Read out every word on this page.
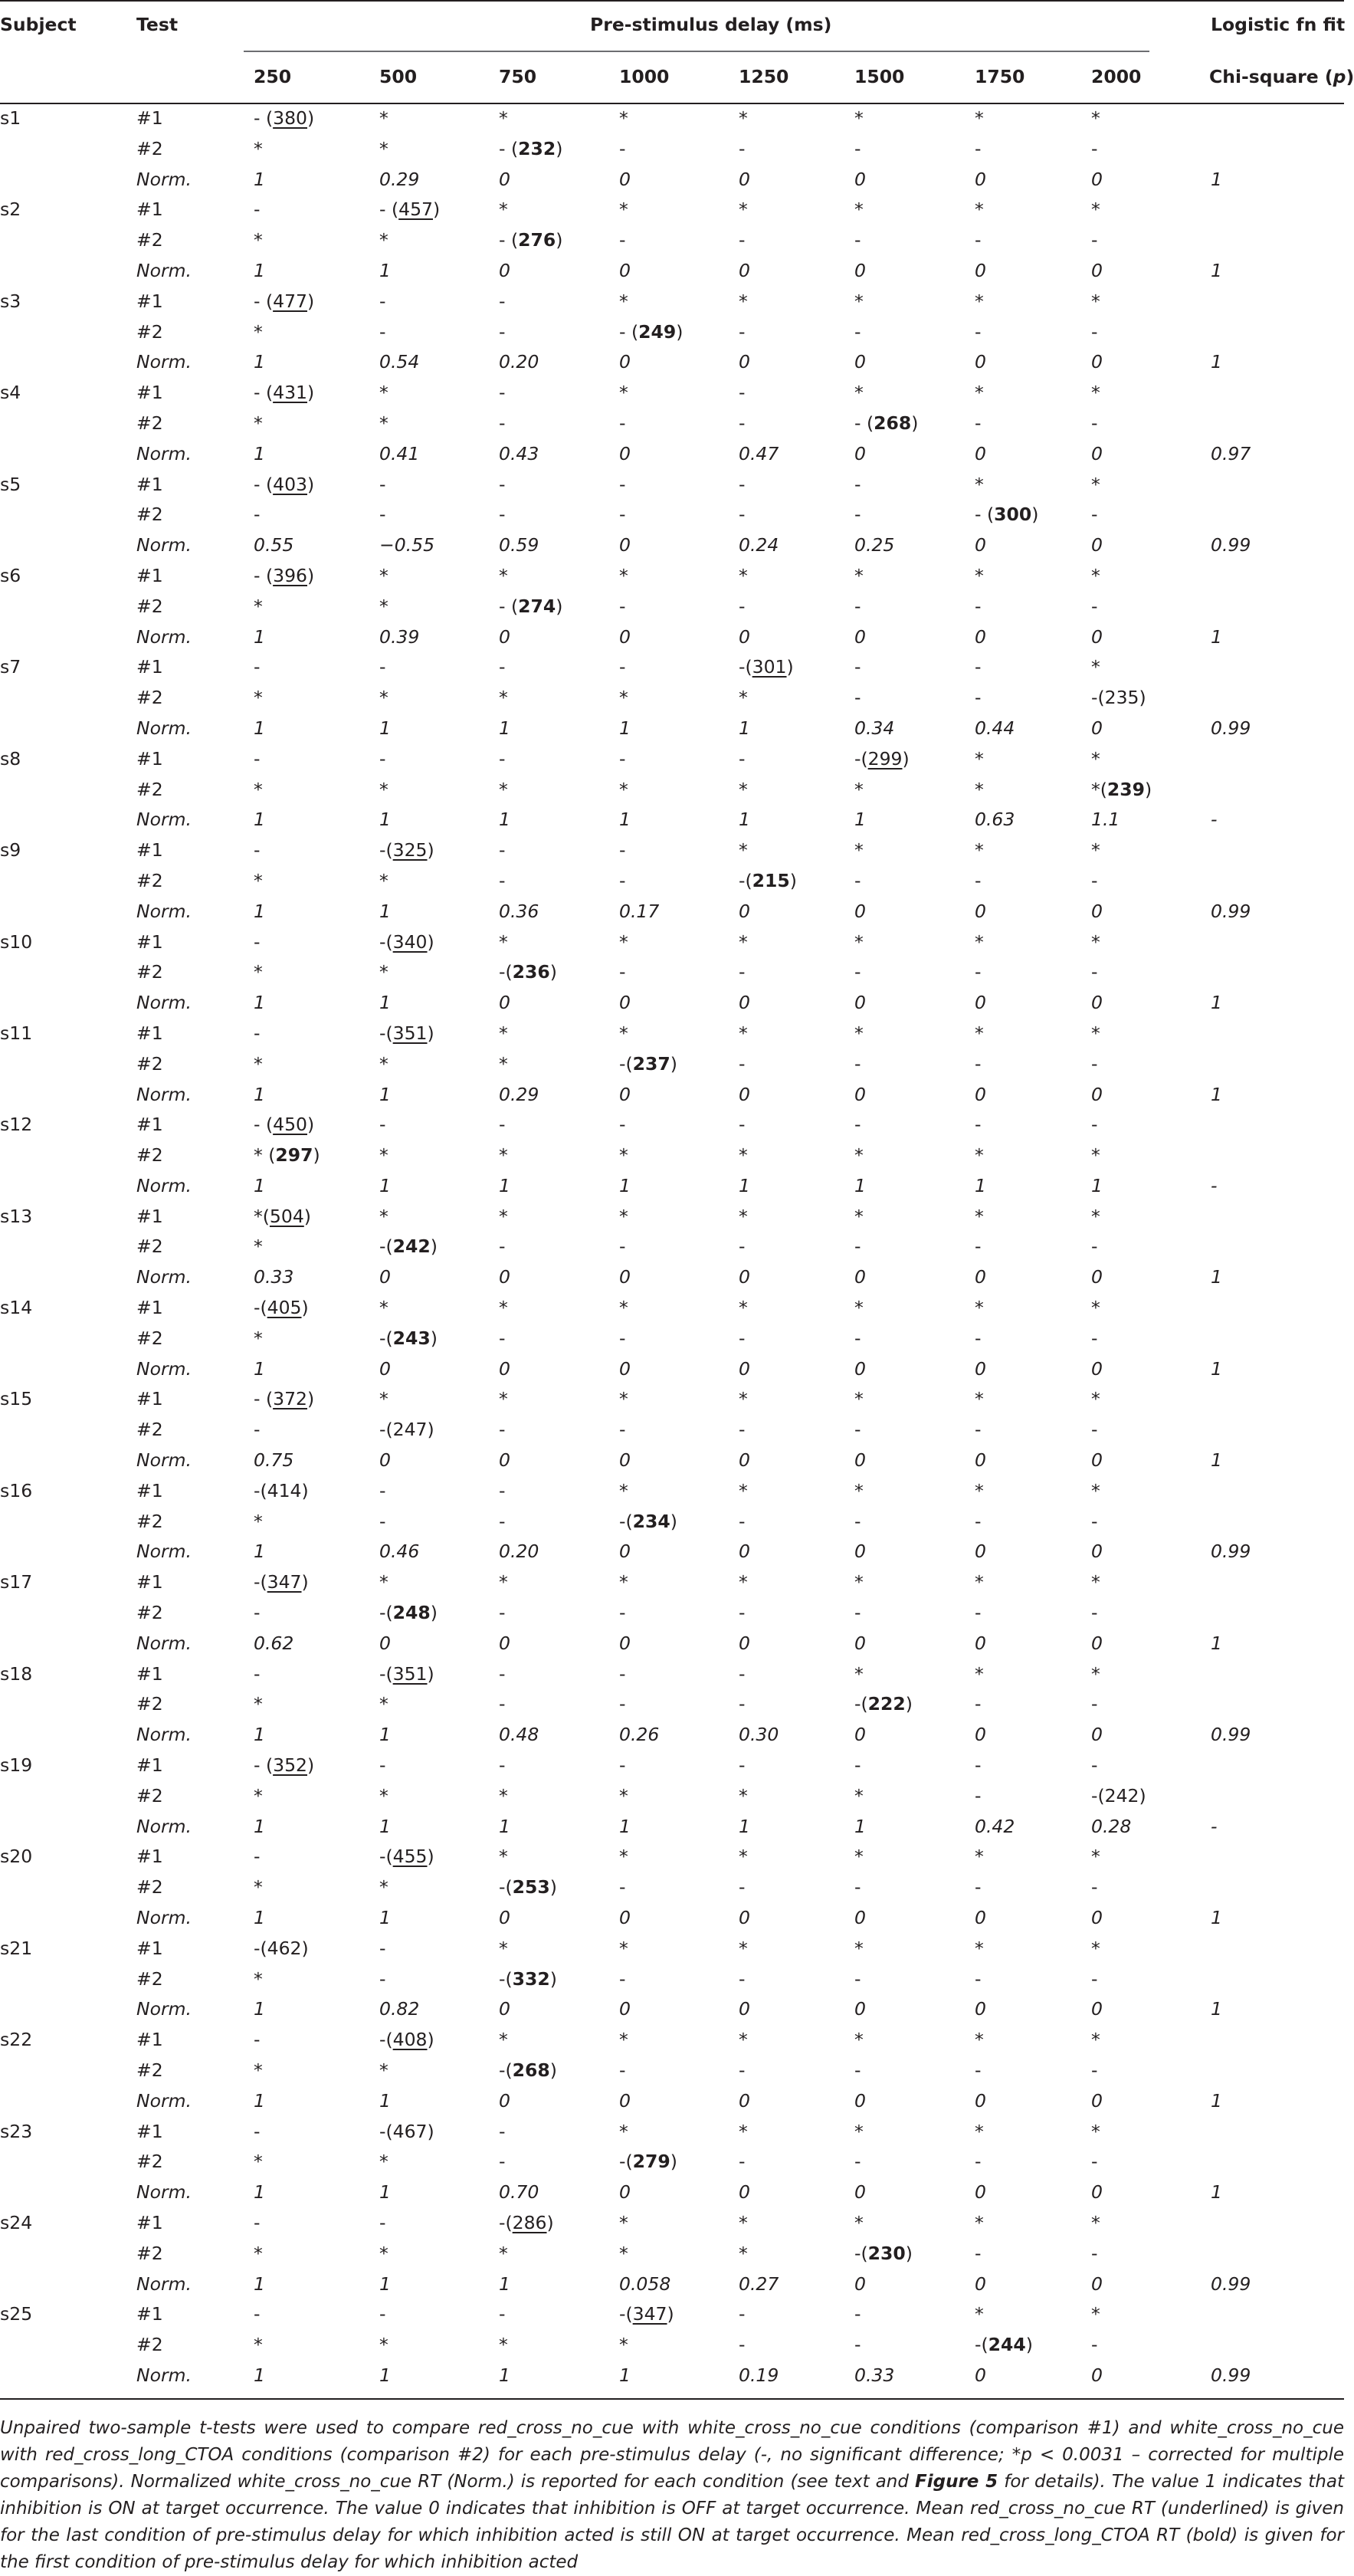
Subject	Test	Pre-stimulus delay (ms)	Logistic fn fit
250	500	750	1000	1250	1500	1750	2000	Chi-square (p)
s1	#1	- (380)	*	*	*	*	*	*	*
#2	*	*	- (232)	-	-	-	-	-
Norm.	1	0.29	0	0	0	0	0	0	1
s2	#1	-	- (457)	*	*	*	*	*	*
#2	*	*	- (276)	-	-	-	-	-
Norm.	1	1	0	0	0	0	0	0	1
s3	#1	- (477)	-	-	*	*	*	*	*
#2	*	-	-	- (249)	-	-	-	-
Norm.	1	0.54	0.20	0	0	0	0	0	1
s4	#1	- (431)	*	-	*	-	*	*	*
#2	*	*	-	-	-	- (268)	-	-
Norm.	1	0.41	0.43	0	0.47	0	0	0	0.97
s5	#1	- (403)	-	-	-	-	-	*	*
#2	-	-	-	-	-	-	- (300)	-
Norm.	0.55	−0.55	0.59	0	0.24	0.25	0	0	0.99
s6	#1	- (396)	*	*	*	*	*	*	*
#2	*	*	- (274)	-	-	-	-	-
Norm.	1	0.39	0	0	0	0	0	0	1
s7	#1	-	-	-	-	-(301)	-	-	*
#2	*	*	*	*	*	-	-	-(235)
Norm.	1	1	1	1	1	0.34	0.44	0	0.99
s8	#1	-	-	-	-	-	-(299)	*	*
#2	*	*	*	*	*	*	*	*(239)
Norm.	1	1	1	1	1	1	0.63	1.1	-
s9	#1	-	-(325)	-	-	*	*	*	*
#2	*	*	-	-	-(215)	-	-	-
Norm.	1	1	0.36	0.17	0	0	0	0	0.99
s10	#1	-	-(340)	*	*	*	*	*	*
#2	*	*	-(236)	-	-	-	-	-
Norm.	1	1	0	0	0	0	0	0	1
s11	#1	-	-(351)	*	*	*	*	*	*
#2	*	*	*	-(237)	-	-	-	-
Norm.	1	1	0.29	0	0	0	0	0	1
s12	#1	- (450)	-	-	-	-	-	-	-
#2	* (297)	*	*	*	*	*	*	*
Norm.	1	1	1	1	1	1	1	1	-
s13	#1	*(504)	*	*	*	*	*	*	*
#2	*	-(242)	-	-	-	-	-	-
Norm.	0.33	0	0	0	0	0	0	0	1
s14	#1	-(405)	*	*	*	*	*	*	*
#2	*	-(243)	-	-	-	-	-	-
Norm.	1	0	0	0	0	0	0	0	1
s15	#1	- (372)	*	*	*	*	*	*	*
#2	-	-(247)	-	-	-	-	-	-
Norm.	0.75	0	0	0	0	0	0	0	1
s16	#1	-(414)	-	-	*	*	*	*	*
#2	*	-	-	-(234)	-	-	-	-
Norm.	1	0.46	0.20	0	0	0	0	0	0.99
s17	#1	-(347)	*	*	*	*	*	*	*
#2	-	-(248)	-	-	-	-	-	-
Norm.	0.62	0	0	0	0	0	0	0	1
s18	#1	-	-(351)	-	-	-	*	*	*
#2	*	*	-	-	-	-(222)	-	-
Norm.	1	1	0.48	0.26	0.30	0	0	0	0.99
s19	#1	- (352)	-	-	-	-	-	-	-
#2	*	*	*	*	*	*	-	-(242)
Norm.	1	1	1	1	1	1	0.42	0.28	-
s20	#1	-	-(455)	*	*	*	*	*	*
#2	*	*	-(253)	-	-	-	-	-
Norm.	1	1	0	0	0	0	0	0	1
s21	#1	-(462)	-	*	*	*	*	*	*
#2	*	-	-(332)	-	-	-	-	-
Norm.	1	0.82	0	0	0	0	0	0	1
s22	#1	-	-(408)	*	*	*	*	*	*
#2	*	*	-(268)	-	-	-	-	-
Norm.	1	1	0	0	0	0	0	0	1
s23	#1	-	-(467)	-	*	*	*	*	*
#2	*	*	-	-(279)	-	-	-	-
Norm.	1	1	0.70	0	0	0	0	0	1
s24	#1	-	-	-(286)	*	*	*	*	*
#2	*	*	*	*	*	-(230)	-	-
Norm.	1	1	1	0.058	0.27	0	0	0	0.99
s25	#1	-	-	-	-(347)	-	-	*	*
#2	*	*	*	*	-	-	-(244)	-
Norm.	1	1	1	1	0.19	0.33	0	0	0.99
Unpaired two-sample t-tests were used to compare red_cross_no_cue with white_cross_no_cue conditions (comparison #1) and white_cross_no_cue with red_cross_long_CTOA conditions (comparison #2) for each pre-stimulus delay (-, no significant difference; *p < 0.0031 – corrected for multiple comparisons). Normalized white_cross_no_cue RT (Norm.) is reported for each condition (see text and Figure 5 for details). The value 1 indicates that inhibition is ON at target occurrence. The value 0 indicates that inhibition is OFF at target occurrence. Mean red_cross_no_cue RT (underlined) is given for the last condition of pre-stimulus delay for which inhibition acted is still ON at target occurrence. Mean red_cross_long_CTOA RT (bold) is given for the first condition of pre-stimulus delay for which inhibition acted
